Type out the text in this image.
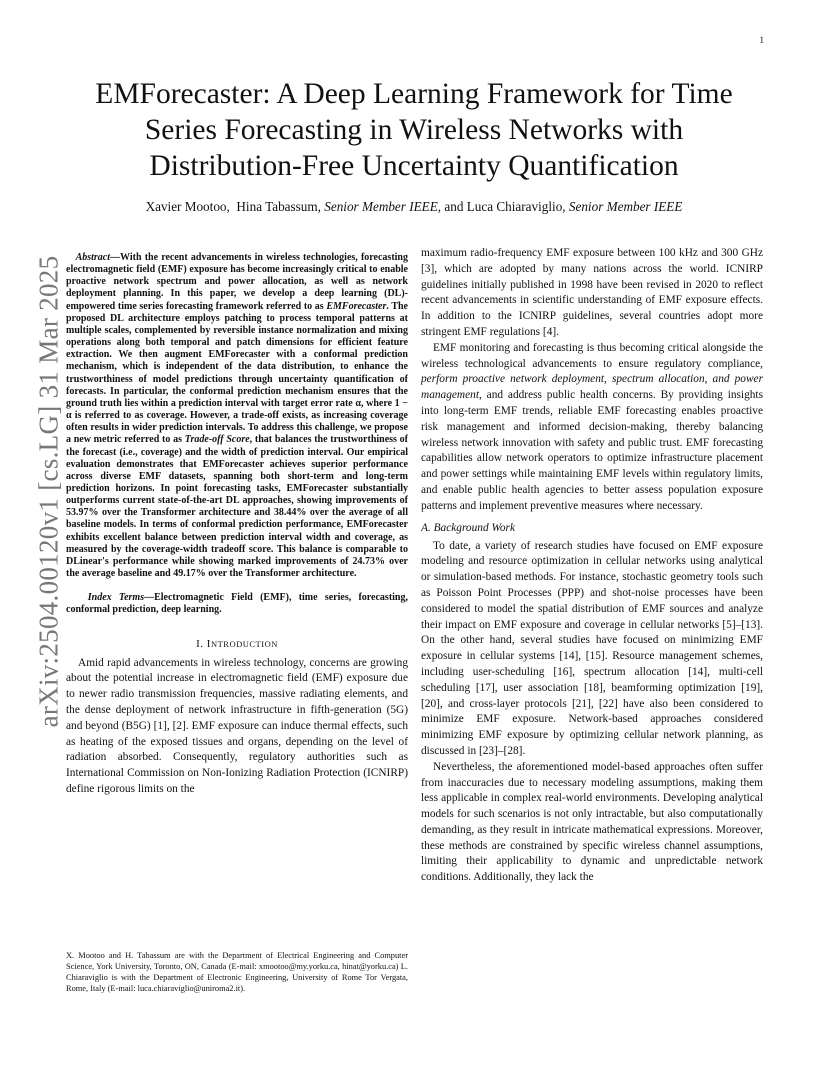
1
arXiv:2504.00120v1 [cs.LG] 31 Mar 2025
EMForecaster: A Deep Learning Framework for Time Series Forecasting in Wireless Networks with Distribution-Free Uncertainty Quantification
Xavier Mootoo, Hina Tabassum, Senior Member IEEE, and Luca Chiaraviglio, Senior Member IEEE

Abstract—With the recent advancements in wireless technologies, forecasting electromagnetic field (EMF) exposure has become increasingly critical to enable proactive network spectrum and power allocation, as well as network deployment planning. In this paper, we develop a deep learning (DL)-empowered time series forecasting framework referred to as EMForecaster. The proposed DL architecture employs patching to process temporal patterns at multiple scales, complemented by reversible instance normalization and mixing operations along both temporal and patch dimensions for efficient feature extraction. We then augment EMForecaster with a conformal prediction mechanism, which is independent of the data distribution, to enhance the trustworthiness of model predictions through uncertainty quantification of forecasts. In particular, the conformal prediction mechanism ensures that the ground truth lies within a prediction interval with target error rate α, where 1 − α is referred to as coverage. However, a trade-off exists, as increasing coverage often results in wider prediction intervals. To address this challenge, we propose a new metric referred to as Trade-off Score, that balances the trustworthiness of the forecast (i.e., coverage) and the width of prediction interval. Our empirical evaluation demonstrates that EMForecaster achieves superior performance across diverse EMF datasets, spanning both short-term and long-term prediction horizons. In point forecasting tasks, EMForecaster substantially outperforms current state-of-the-art DL approaches, showing improvements of 53.97% over the Transformer architecture and 38.44% over the average of all baseline models. In terms of conformal prediction performance, EMForecaster exhibits excellent balance between prediction interval width and coverage, as measured by the coverage-width tradeoff score. This balance is comparable to DLinear's performance while showing marked improvements of 24.73% over the average baseline and 49.17% over the Transformer architecture.

Index Terms—Electromagnetic Field (EMF), time series, forecasting, conformal prediction, deep learning.

I. INTRODUCTION

Amid rapid advancements in wireless technology, concerns are growing about the potential increase in electromagnetic field (EMF) exposure due to newer radio transmission frequencies, massive radiating elements, and the dense deployment of network infrastructure in fifth-generation (5G) and beyond (B5G) [1], [2]. EMF exposure can induce thermal effects, such as heating of the exposed tissues and organs, depending on the level of radiation absorbed. Consequently, regulatory authorities such as International Commission on Non-Ionizing Radiation Protection (ICNIRP) define rigorous limits on the

X. Mootoo and H. Tabassum are with the Department of Electrical Engineering and Computer Science, York University, Toronto, ON, Canada (E-mail: xmootoo@my.yorku.ca, hinat@yorku.ca) L. Chiaraviglio is with the Department of Electronic Engineering, University of Rome Tor Vergata, Rome, Italy (E-mail: luca.chiaraviglio@uniroma2.it).

maximum radio-frequency EMF exposure between 100 kHz and 300 GHz [3], which are adopted by many nations across the world. ICNIRP guidelines initially published in 1998 have been revised in 2020 to reflect recent advancements in scientific understanding of EMF exposure effects. In addition to the ICNIRP guidelines, several countries adopt more stringent EMF regulations [4].

EMF monitoring and forecasting is thus becoming critical alongside the wireless technological advancements to ensure regulatory compliance, perform proactive network deployment, spectrum allocation, and power management, and address public health concerns. By providing insights into long-term EMF trends, reliable EMF forecasting enables proactive risk management and informed decision-making, thereby balancing wireless network innovation with safety and public trust. EMF forecasting capabilities allow network operators to optimize infrastructure placement and power settings while maintaining EMF levels within regulatory limits, and enable public health agencies to better assess population exposure patterns and implement preventive measures where necessary.

A. Background Work

To date, a variety of research studies have focused on EMF exposure modeling and resource optimization in cellular networks using analytical or simulation-based methods. For instance, stochastic geometry tools such as Poisson Point Processes (PPP) and shot-noise processes have been considered to model the spatial distribution of EMF sources and analyze their impact on EMF exposure and coverage in cellular networks [5]–[13]. On the other hand, several studies have focused on minimizing EMF exposure in cellular systems [14], [15]. Resource management schemes, including user-scheduling [16], spectrum allocation [14], multi-cell scheduling [17], user association [18], beamforming optimization [19], [20], and cross-layer protocols [21], [22] have also been considered to minimize EMF exposure. Network-based approaches considered minimizing EMF exposure by optimizing cellular network planning, as discussed in [23]–[28].

Nevertheless, the aforementioned model-based approaches often suffer from inaccuracies due to necessary modeling assumptions, making them less applicable in complex real-world environments. Developing analytical models for such scenarios is not only intractable, but also computationally demanding, as they result in intricate mathematical expressions. Moreover, these methods are constrained by specific wireless channel assumptions, limiting their applicability to dynamic and unpredictable network conditions. Additionally, they lack the
